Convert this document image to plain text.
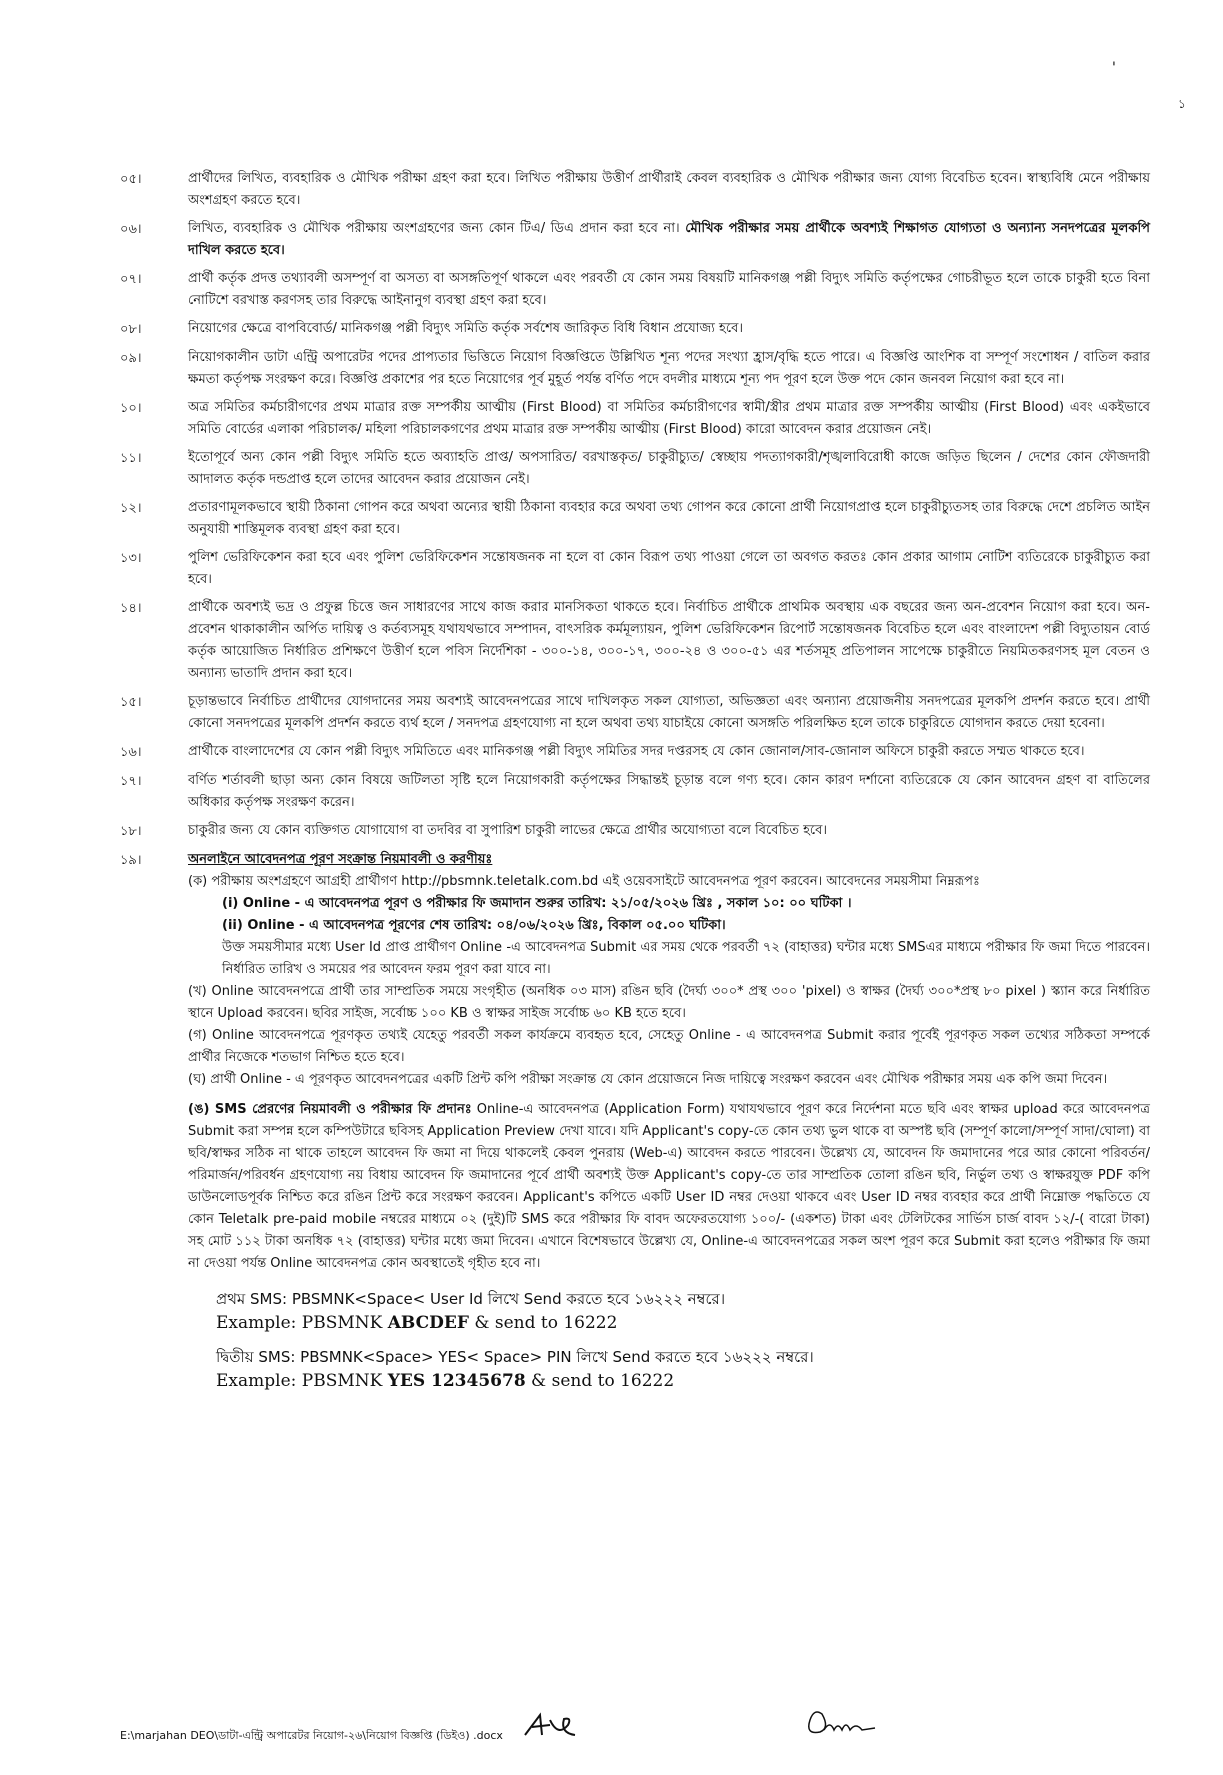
'
১
০৫।	প্রার্থীদের লিখিত, ব্যবহারিক ও মৌখিক পরীক্ষা গ্রহণ করা হবে। লিখিত পরীক্ষায় উত্তীর্ণ প্রার্থীরাই কেবল ব্যবহারিক ও মৌখিক পরীক্ষার জন্য যোগ্য বিবেচিত হবেন। স্বাস্থ্যবিধি মেনে পরীক্ষায় অংশগ্রহণ করতে হবে।
০৬।	লিখিত, ব্যবহারিক ও মৌখিক পরীক্ষায় অংশগ্রহণের জন্য কোন টিএ/ ডিএ প্রদান করা হবে না। মৌখিক পরীক্ষার সময় প্রার্থীকে অবশ্যই শিক্ষাগত যোগ্যতা ও অন্যান্য সনদপত্রের মূলকপি দাখিল করতে হবে।
০৭।	প্রার্থী কর্তৃক প্রদত্ত তথ্যাবলী অসম্পূর্ণ বা অসত্য বা অসঙ্গতিপূর্ণ থাকলে এবং পরবর্তী যে কোন সময় বিষয়টি মানিকগঞ্জ পল্লী বিদ্যুৎ সমিতি কর্তৃপক্ষের গোচরীভূত হলে তাকে চাকুরী হতে বিনা নোটিশে বরখাস্ত করণসহ তার বিরুদ্ধে আইনানুগ ব্যবস্থা গ্রহণ করা হবে।
০৮।	নিয়োগের ক্ষেত্রে বাপবিবোর্ড/ মানিকগঞ্জ পল্লী বিদ্যুৎ সমিতি কর্তৃক সর্বশেষ জারিকৃত বিধি বিধান প্রযোজ্য হবে।
০৯।	নিয়োগকালীন ডাটা এন্ট্রি অপারেটর পদের প্রাপ্যতার ভিত্তিতে নিয়োগ বিজ্ঞপ্তিতে উল্লিখিত শূন্য পদের সংখ্যা হ্রাস/বৃদ্ধি হতে পারে। এ বিজ্ঞপ্তি আংশিক বা সম্পূর্ণ সংশোধন / বাতিল করার ক্ষমতা কর্তৃপক্ষ সংরক্ষণ করে। বিজ্ঞপ্তি প্রকাশের পর হতে নিয়োগের পূর্ব মুহূর্ত পর্যন্ত বর্ণিত পদে বদলীর মাধ্যমে শূন্য পদ পূরণ হলে উক্ত পদে কোন জনবল নিয়োগ করা হবে না।
১০।	অত্র সমিতির কর্মচারীগণের প্রথম মাত্রার রক্ত সম্পর্কীয় আত্মীয় (First Blood) বা সমিতির কর্মচারীগণের স্বামী/স্ত্রীর প্রথম মাত্রার রক্ত সম্পর্কীয় আত্মীয় (First Blood) এবং একইভাবে সমিতি বোর্ডের এলাকা পরিচালক/ মহিলা পরিচালকগণের প্রথম মাত্রার রক্ত সম্পর্কীয় আত্মীয় (First Blood) কারো আবেদন করার প্রয়োজন নেই।
১১।	ইতোপূর্বে অন্য কোন পল্লী বিদ্যুৎ সমিতি হতে অব্যাহতি প্রাপ্ত/ অপসারিত/ বরখাস্তকৃত/ চাকুরীচ্যুত/ স্বেচ্ছায় পদত্যাগকারী/শৃঙ্খলাবিরোধী কাজে জড়িত ছিলেন / দেশের কোন ফৌজদারী আদালত কর্তৃক দন্ডপ্রাপ্ত হলে তাদের আবেদন করার প্রয়োজন নেই।
১২।	প্রতারণামূলকভাবে স্থায়ী ঠিকানা গোপন করে অথবা অন্যের স্থায়ী ঠিকানা ব্যবহার করে অথবা তথ্য গোপন করে কোনো প্রার্থী নিয়োগপ্রাপ্ত হলে চাকুরীচ্যুতসহ তার বিরুদ্ধে দেশে প্রচলিত আইন অনুযায়ী শাস্তিমূলক ব্যবস্থা গ্রহণ করা হবে।
১৩।	পুলিশ ভেরিফিকেশন করা হবে এবং পুলিশ ভেরিফিকেশন সন্তোষজনক না হলে বা কোন বিরূপ তথ্য পাওয়া গেলে তা অবগত করতঃ কোন প্রকার আগাম নোটিশ ব্যতিরেকে চাকুরীচ্যুত করা হবে।
১৪।	প্রার্থীকে অবশ্যই ভদ্র ও প্রফুল্ল চিত্তে জন সাধারণের সাথে কাজ করার মানসিকতা থাকতে হবে। নির্বাচিত প্রার্থীকে প্রাথমিক অবস্থায় এক বছরের জন্য অন-প্রবেশন নিয়োগ করা হবে। অন-প্রবেশন থাকাকালীন অর্পিত দায়িত্ব ও কর্তব্যসমূহ যথাযথভাবে সম্পাদন, বাৎসরিক কর্মমূল্যায়ন, পুলিশ ভেরিফিকেশন রিপোর্ট সন্তোষজনক বিবেচিত হলে এবং বাংলাদেশ পল্লী বিদ্যুতায়ন বোর্ড কর্তৃক আয়োজিত নির্ধারিত প্রশিক্ষণে উত্তীর্ণ হলে পবিস নির্দেশিকা - ৩০০-১৪, ৩০০-১৭, ৩০০-২৪ ও ৩০০-৫১ এর শর্তসমূহ প্রতিপালন সাপেক্ষে চাকুরীতে নিয়মিতকরণসহ মূল বেতন ও অন্যান্য ভাতাদি প্রদান করা হবে।
১৫।	চূড়ান্তভাবে নির্বাচিত প্রার্থীদের যোগদানের সময় অবশ্যই আবেদনপত্রের সাথে দাখিলকৃত সকল যোগ্যতা, অভিজ্ঞতা এবং অন্যান্য প্রয়োজনীয় সনদপত্রের মূলকপি প্রদর্শন করতে হবে। প্রার্থী কোনো সনদপত্রের মূলকপি প্রদর্শন করতে ব্যর্থ হলে / সনদপত্র গ্রহণযোগ্য না হলে অথবা তথ্য যাচাইয়ে কোনো অসঙ্গতি পরিলক্ষিত হলে তাকে চাকুরিতে যোগদান করতে দেয়া হবেনা।
১৬।	প্রার্থীকে বাংলাদেশের যে কোন পল্লী বিদ্যুৎ সমিতিতে এবং মানিকগঞ্জ পল্লী বিদ্যুৎ সমিতির সদর দপ্তরসহ যে কোন জোনাল/সাব-জোনাল অফিসে চাকুরী করতে সম্মত থাকতে হবে।
১৭।	বর্ণিত শর্তাবলী ছাড়া অন্য কোন বিষয়ে জটিলতা সৃষ্টি হলে নিয়োগকারী কর্তৃপক্ষের সিদ্ধান্তই চূড়ান্ত বলে গণ্য হবে। কোন কারণ দর্শানো ব্যতিরেকে যে কোন আবেদন গ্রহণ বা বাতিলের অধিকার কর্তৃপক্ষ সংরক্ষণ করেন।
১৮।	চাকুরীর জন্য যে কোন ব্যক্তিগত যোগাযোগ বা তদবির বা সুপারিশ চাকুরী লাভের ক্ষেত্রে প্রার্থীর অযোগ্যতা বলে বিবেচিত হবে।
১৯।	অনলাইনে আবেদনপত্র পূরণ সংক্রান্ত নিয়মাবলী ও করণীয়ঃ
(ক) পরীক্ষায় অংশগ্রহণে আগ্রহী প্রার্থীগণ http://pbsmnk.teletalk.com.bd এই ওয়েবসাইটে আবেদনপত্র পূরণ করবেন। আবেদনের সময়সীমা নিম্নরূপঃ
(i) Online - এ আবেদনপত্র পূরণ ও পরীক্ষার ফি জমাদান শুরুর তারিখ: ২১/০৫/২০২৬ খ্রিঃ , সকাল ১০: ০০ ঘটিকা ।
(ii) Online - এ আবেদনপত্র পূরণের শেষ তারিখ: ০৪/০৬/২০২৬ খ্রিঃ, বিকাল ০৫.০০ ঘটিকা।
উক্ত সময়সীমার মধ্যে User Id প্রাপ্ত প্রার্থীগণ Online -এ আবেদনপত্র Submit এর সময় থেকে পরবর্তী ৭২ (বাহাত্তর) ঘন্টার মধ্যে SMSএর মাধ্যমে পরীক্ষার ফি জমা দিতে পারবেন। নির্ধারিত তারিখ ও সময়ের পর আবেদন ফরম পূরণ করা যাবে না।
(খ) Online আবেদনপত্রে প্রার্থী তার সাম্প্রতিক সময়ে সংগৃহীত (অনধিক ০৩ মাস) রঙিন ছবি (দৈর্ঘ্য ৩০০* প্রস্থ ৩০০ 'pixel) ও স্বাক্ষর (দৈর্ঘ্য ৩০০*প্রস্থ ৮০ pixel ) স্ক্যান করে নির্ধারিত স্থানে Upload করবেন। ছবির সাইজ, সর্বোচ্চ ১০০ KB ও স্বাক্ষর সাইজ সর্বোচ্চ ৬০ KB হতে হবে।
(গ) Online আবেদনপত্রে পূরণকৃত তথ্যই যেহেতু পরবর্তী সকল কার্যক্রমে ব্যবহৃত হবে, সেহেতু Online - এ আবেদনপত্র Submit করার পূর্বেই পূরণকৃত সকল তথ্যের সঠিকতা সম্পর্কে প্রার্থীর নিজেকে শতভাগ নিশ্চিত হতে হবে।
(ঘ) প্রার্থী Online - এ পূরণকৃত আবেদনপত্রের একটি প্রিন্ট কপি পরীক্ষা সংক্রান্ত যে কোন প্রয়োজনে নিজ দায়িত্বে সংরক্ষণ করবেন এবং মৌখিক পরীক্ষার সময় এক কপি জমা দিবেন।
(ঙ) SMS প্রেরণের নিয়মাবলী ও পরীক্ষার ফি প্রদানঃ Online-এ আবেদনপত্র (Application Form) যথাযথভাবে পূরণ করে নির্দেশনা মতে ছবি এবং স্বাক্ষর upload করে আবেদনপত্র Submit করা সম্পন্ন হলে কম্পিউটারে ছবিসহ Application Preview দেখা যাবে। যদি Applicant's copy-তে কোন তথ্য ভুল থাকে বা অস্পষ্ট ছবি (সম্পূর্ণ কালো/সম্পূর্ণ সাদা/ঘোলা) বা ছবি/স্বাক্ষর সঠিক না থাকে তাহলে আবেদন ফি জমা না দিয়ে থাকলেই কেবল পুনরায় (Web-এ) আবেদন করতে পারবেন। উল্লেখ্য যে, আবেদন ফি জমাদানের পরে আর কোনো পরিবর্তন/পরিমার্জন/পরিবর্ধন গ্রহণযোগ্য নয় বিধায় আবেদন ফি জমাদানের পূর্বে প্রার্থী অবশ্যই উক্ত Applicant's copy-তে তার সাম্প্রতিক তোলা রঙিন ছবি, নির্ভুল তথ্য ও স্বাক্ষরযুক্ত PDF কপি ডাউনলোডপূর্বক নিশ্চিত করে রঙিন প্রিন্ট করে সংরক্ষণ করবেন। Applicant's কপিতে একটি User ID নম্বর দেওয়া থাকবে এবং User ID নম্বর ব্যবহার করে প্রার্থী নিম্নোক্ত পদ্ধতিতে যে কোন Teletalk pre-paid mobile নম্বরের মাধ্যমে ০২ (দুই)টি SMS করে পরীক্ষার ফি বাবদ অফেরতযোগ্য ১০০/- (একশত) টাকা এবং টেলিটকের সার্ভিস চার্জ বাবদ ১২/-( বারো টাকা) সহ মোট ১১২ টাকা অনধিক ৭২ (বাহাত্তর) ঘন্টার মধ্যে জমা দিবেন। এখানে বিশেষভাবে উল্লেখ্য যে, Online-এ আবেদনপত্রের সকল অংশ পূরণ করে Submit করা হলেও পরীক্ষার ফি জমা না দেওয়া পর্যন্ত Online আবেদনপত্র কোন অবস্থাতেই গৃহীত হবে না।
প্রথম SMS: PBSMNK<Space< User Id লিখে Send করতে হবে ১৬২২২ নম্বরে।
Example: PBSMNK ABCDEF & send to 16222
দ্বিতীয় SMS: PBSMNK<Space> YES< Space> PIN লিখে Send করতে হবে ১৬২২২ নম্বরে।
Example: PBSMNK YES 12345678 & send to 16222
E:\marjahan DEO\ডাটা-এন্ট্রি অপারেটর নিয়োগ-২৬\নিয়োগ বিজ্ঞপ্তি (ডিইও) .docx
